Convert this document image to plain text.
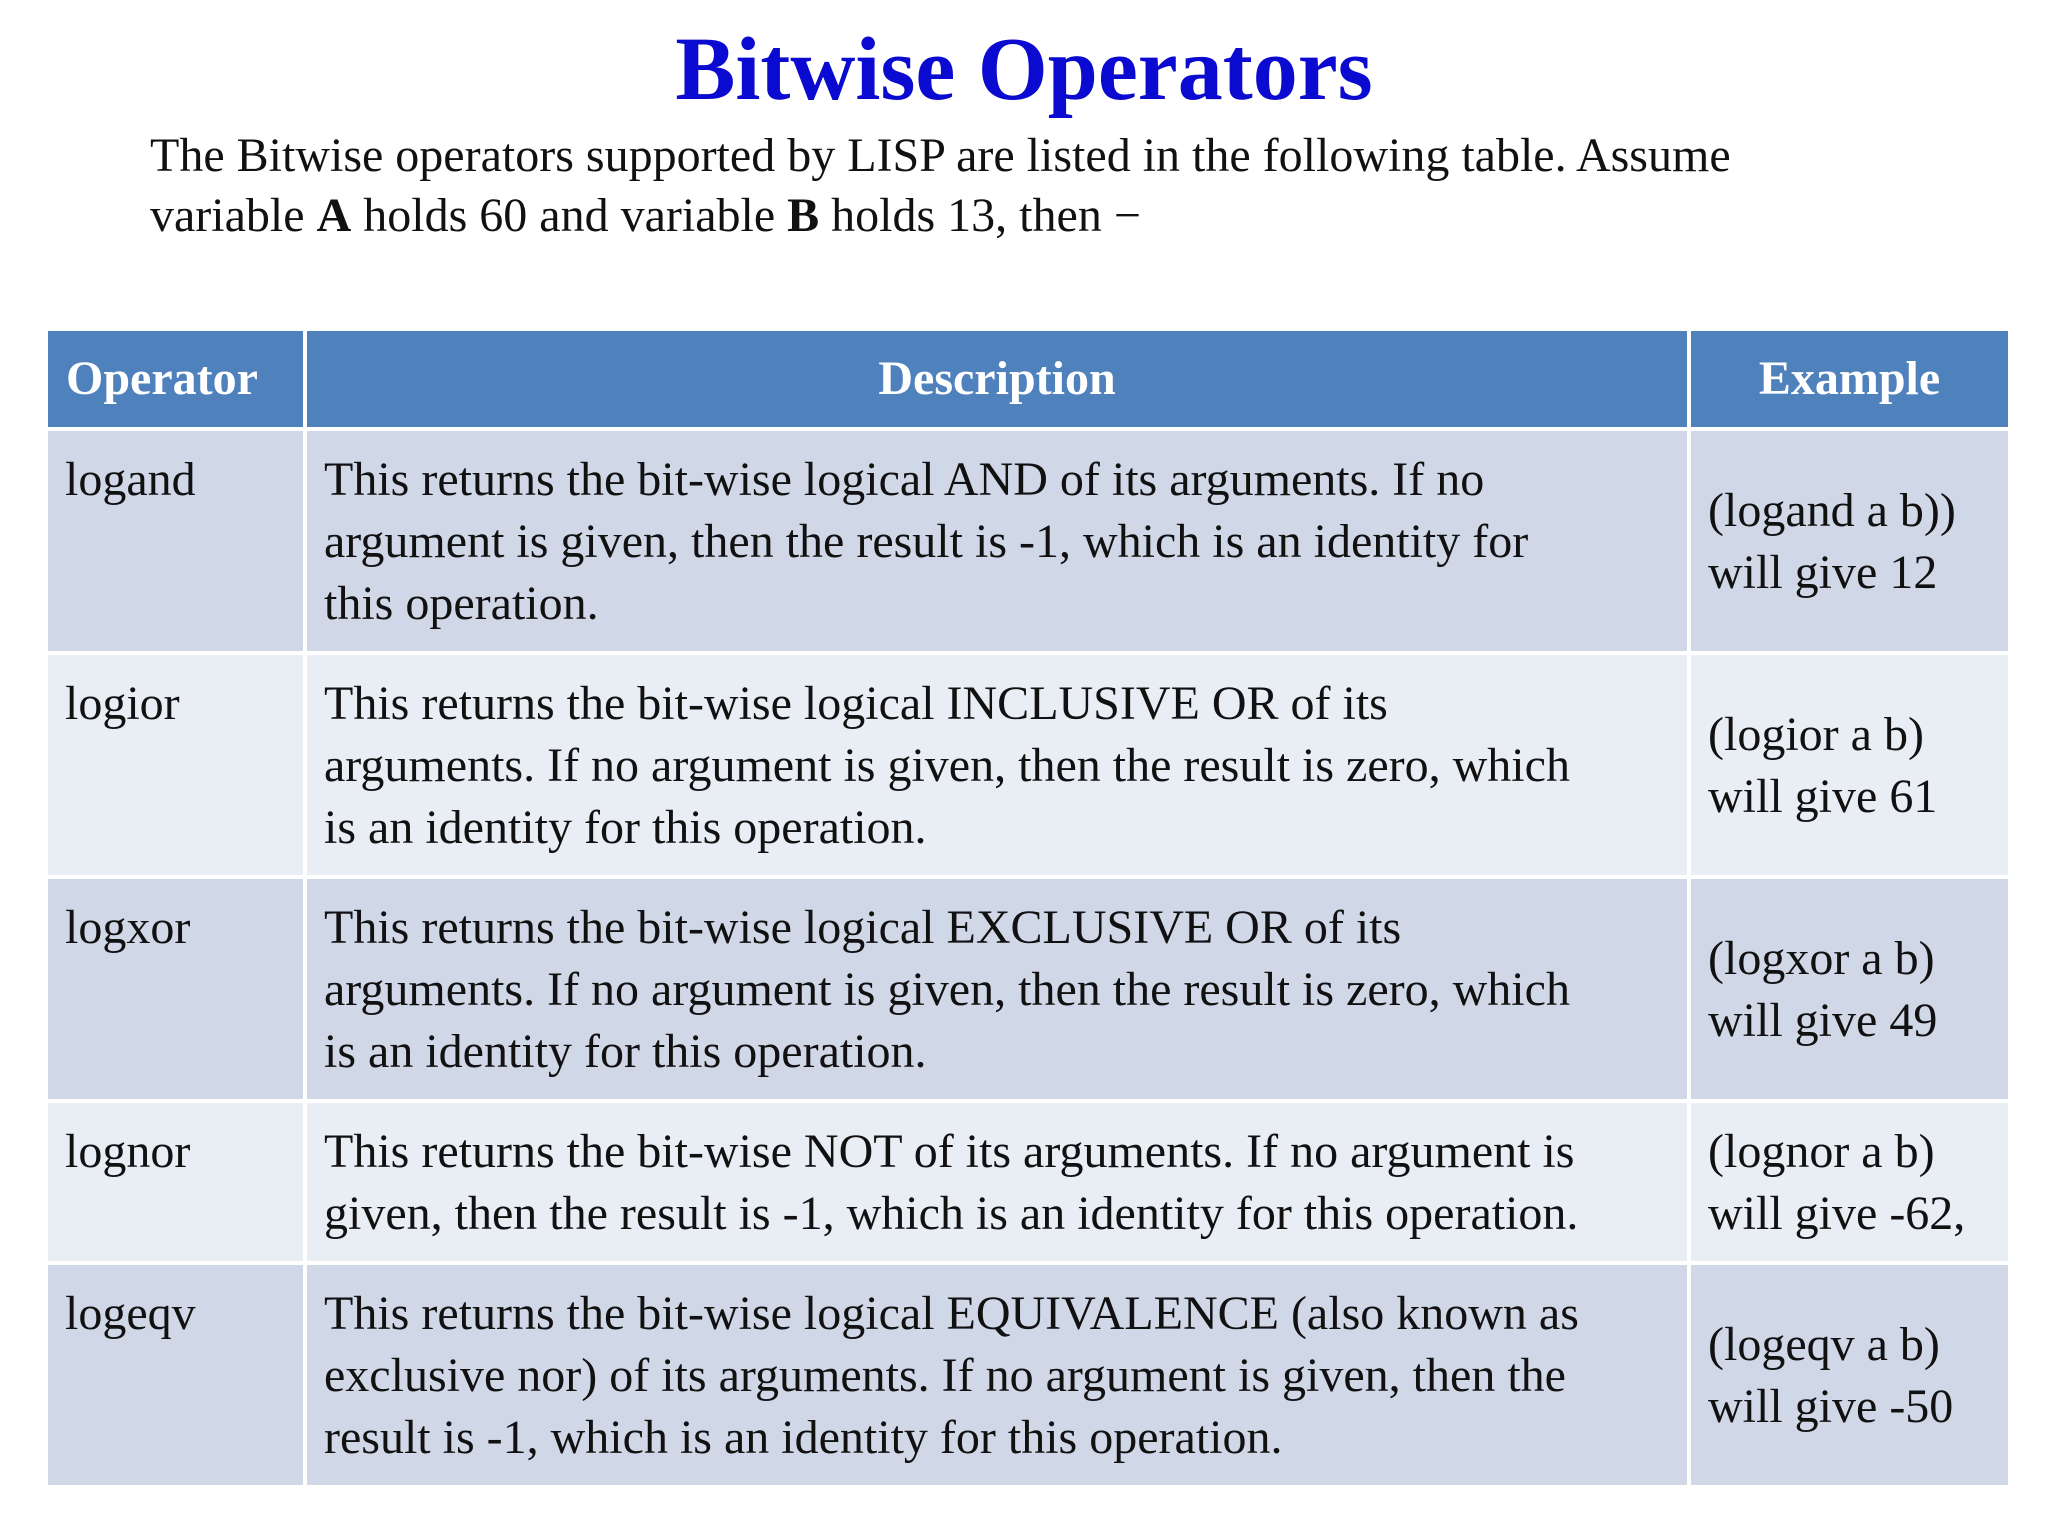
Bitwise Operators

The Bitwise operators supported by LISP are listed in the following table. Assume
variable A holds 60 and variable B holds 13, then −

Operator	Description	Example
logand	This returns the bit-wise logical AND of its arguments. If no
argument is given, then the result is -1, which is an identity for
this operation.	(logand a b))
will give 12

logior	This returns the bit-wise logical INCLUSIVE OR of its
arguments. If no argument is given, then the result is zero, which
is an identity for this operation.	(logior a b)
will give 61

logxor	This returns the bit-wise logical EXCLUSIVE OR of its
arguments. If no argument is given, then the result is zero, which
is an identity for this operation.	(logxor a b)
will give 49

lognor	This returns the bit-wise NOT of its arguments. If no argument is
given, then the result is -1, which is an identity for this operation.	(lognor a b)
will give -62,

logeqv	This returns the bit-wise logical EQUIVALENCE (also known as
exclusive nor) of its arguments. If no argument is given, then the
result is -1, which is an identity for this operation.	(logeqv a b)
will give -50
